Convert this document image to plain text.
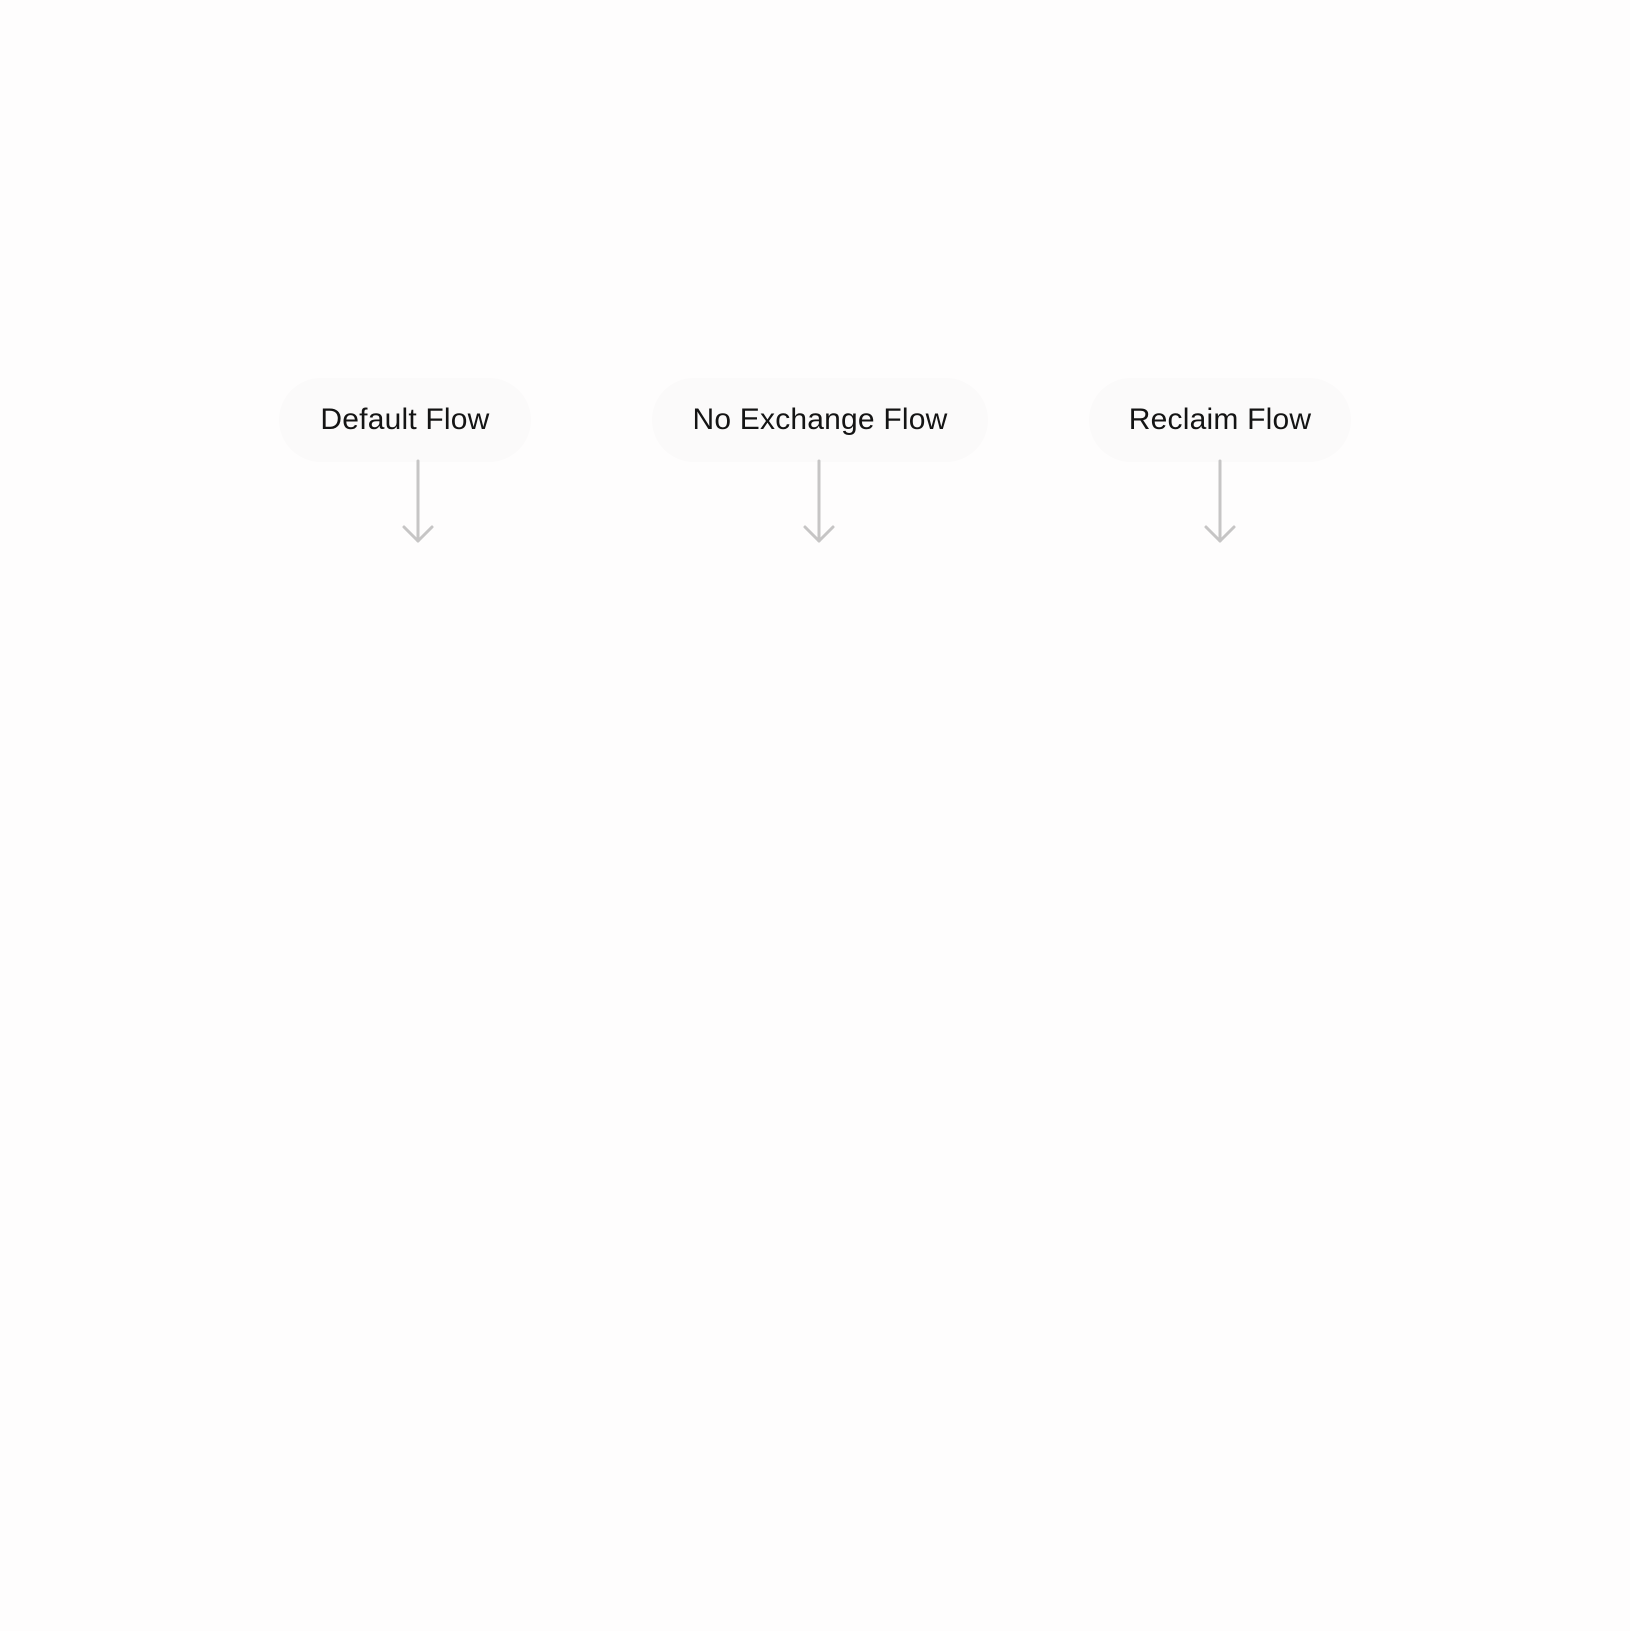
Default Flow	No Exchange Flow	Reclaim Flow
